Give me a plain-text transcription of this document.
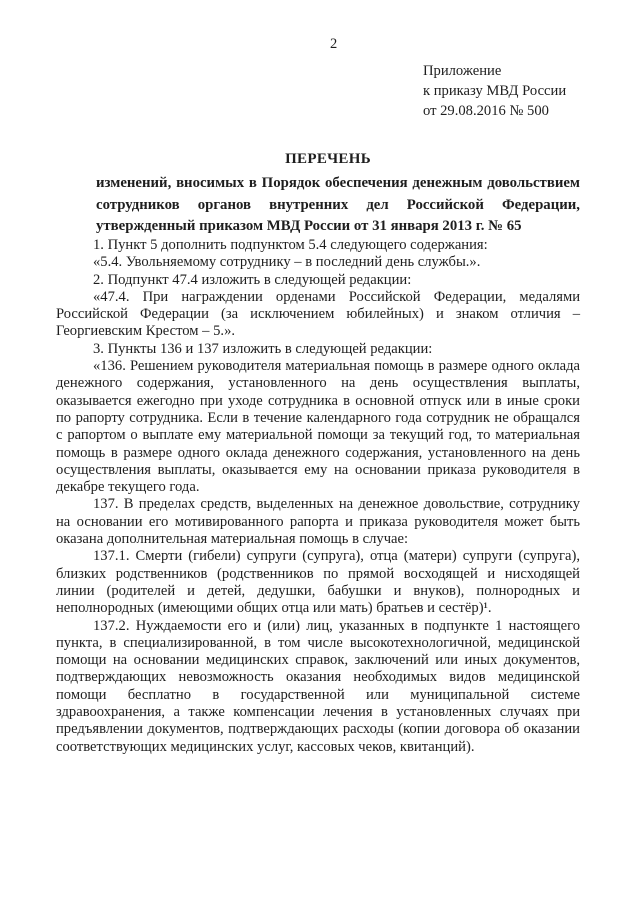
2
Приложение
к приказу МВД России
от 29.08.2016 № 500
ПЕРЕЧЕНЬ
изменений, вносимых в Порядок обеспечения денежным довольствием сотрудников органов внутренних дел Российской Федерации, утвержденный приказом МВД России от 31 января 2013 г. № 65

1. Пункт 5 дополнить подпунктом 5.4 следующего содержания:

«5.4. Увольняемому сотруднику – в последний день службы.».

2. Подпункт 47.4 изложить в следующей редакции:

«47.4. При награждении орденами Российской Федерации, медалями Российской Федерации (за исключением юбилейных) и знаком отличия – Георгиевским Крестом – 5.».

3. Пункты 136 и 137 изложить в следующей редакции:

«136. Решением руководителя материальная помощь в размере одного оклада денежного содержания, установленного на день осуществления выплаты, оказывается ежегодно при уходе сотрудника в основной отпуск или в иные сроки по рапорту сотрудника. Если в течение календарного года сотрудник не обращался с рапортом о выплате ему материальной помощи за текущий год, то материальная помощь в размере одного оклада денежного содержания, установленного на день осуществления выплаты, оказывается ему на основании приказа руководителя в декабре текущего года.

137. В пределах средств, выделенных на денежное довольствие, сотруднику на основании его мотивированного рапорта и приказа руководителя может быть оказана дополнительная материальная помощь в случае:

137.1. Смерти (гибели) супруги (супруга), отца (матери) супруги (супруга), близких родственников (родственников по прямой восходящей и нисходящей линии (родителей и детей, дедушки, бабушки и внуков), полнородных и неполнородных (имеющими общих отца или мать) братьев и сестёр)¹.

137.2. Нуждаемости его и (или) лиц, указанных в подпункте 1 настоящего пункта, в специализированной, в том числе высокотехнологичной, медицинской помощи на основании медицинских справок, заключений или иных документов, подтверждающих невозможность оказания необходимых видов медицинской помощи бесплатно в государственной или муниципальной системе здравоохранения, а также компенсации лечения в установленных случаях при предъявлении документов, подтверждающих расходы (копии договора об оказании соответствующих медицинских услуг, кассовых чеков, квитанций).
